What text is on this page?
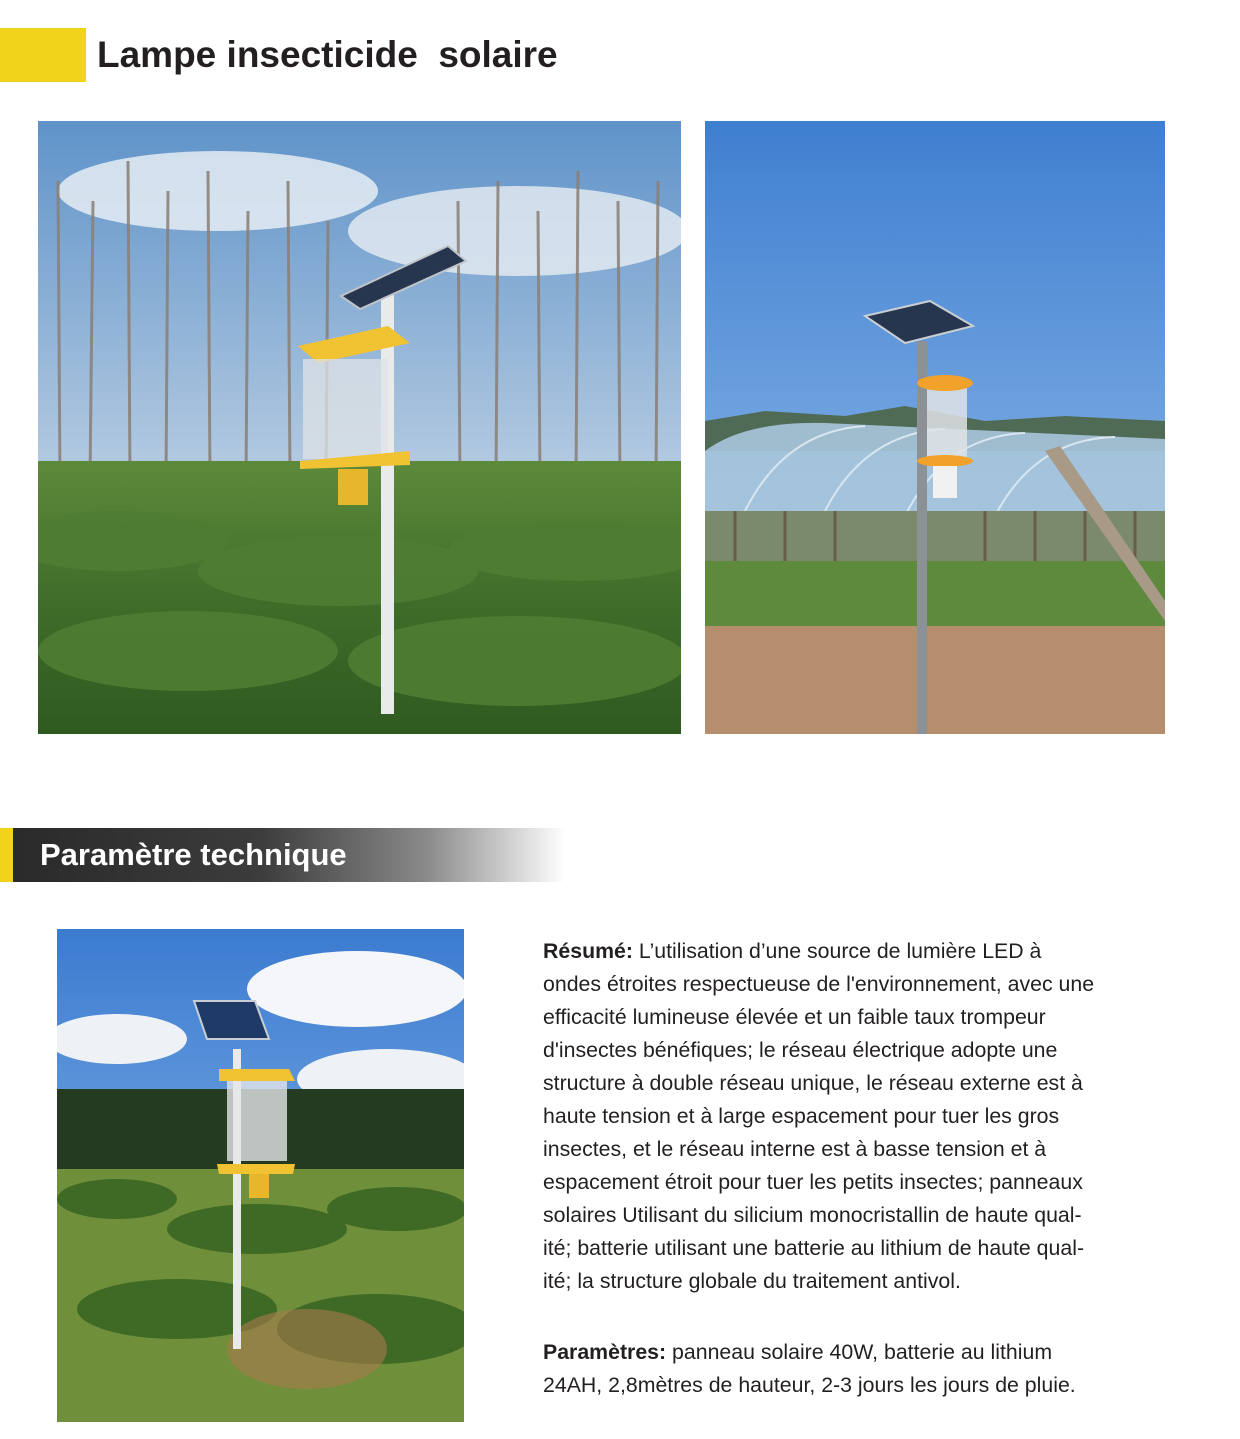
Lampe insecticide  solaire
Paramètre technique
Résumé: L’utilisation d’une source de lumière LED à
ondes étroites respectueuse de l'environnement, avec une
efficacité lumineuse élevée et un faible taux trompeur
d'insectes bénéfiques; le réseau électrique adopte une
structure à double réseau unique, le réseau externe est à
haute tension et à large espacement pour tuer les gros
insectes, et le réseau interne est à basse tension et à
espacement étroit pour tuer les petits insectes; panneaux
solaires Utilisant du silicium monocristallin de haute qual-
ité; batterie utilisant une batterie au lithium de haute qual-
ité; la structure globale du traitement antivol.
Paramètres: panneau solaire 40W, batterie au lithium
24AH, 2,8mètres de hauteur, 2-3 jours les jours de pluie.
